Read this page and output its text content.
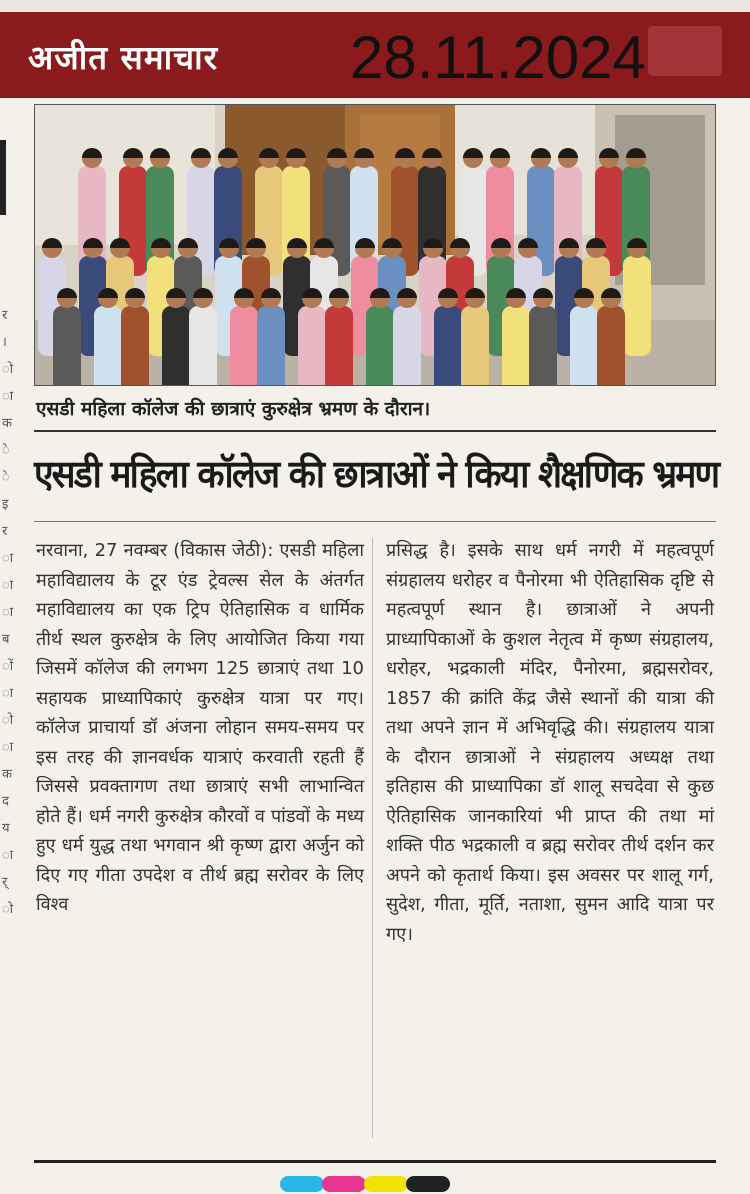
अजीत समाचार 28.11.2024
र
।
ो
ा
क
े
े
इ
र
ा
ा
ा
ब
ों
ा
ो
ा
क
द
य
ा
र्
ो
एसडी महिला कॉलेज की छात्राएं कुरुक्षेत्र भ्रमण के दौरान।
एसडी महिला कॉलेज की छात्राओं ने किया शैक्षणिक भ्रमण

नरवाना, 27 नवम्बर (विकास जेठी): एसडी महिला महाविद्यालय के टूर एंड ट्रेवल्स सेल के अंतर्गत महाविद्यालय का एक ट्रिप ऐतिहासिक व धार्मिक तीर्थ स्थल कुरुक्षेत्र के लिए आयोजित किया गया जिसमें कॉलेज की लगभग 125 छात्राएं तथा 10 सहायक प्राध्यापिकाएं कुरुक्षेत्र यात्रा पर गए। कॉलेज प्राचार्या डॉ अंजना लोहान समय-समय पर इस तरह की ज्ञानवर्धक यात्राएं करवाती रहती हैं जिससे प्रवक्तागण तथा छात्राएं सभी लाभान्वित होते हैं। धर्म नगरी कुरुक्षेत्र कौरवों व पांडवों के मध्य हुए धर्म युद्ध तथा भगवान श्री कृष्ण द्वारा अर्जुन को दिए गए गीता उपदेश व तीर्थ ब्रह्म सरोवर के लिए विश्व

प्रसिद्ध है। इसके साथ धर्म नगरी में महत्वपूर्ण संग्रहालय धरोहर व पैनोरमा भी ऐतिहासिक दृष्टि से महत्वपूर्ण स्थान है। छात्राओं ने अपनी प्राध्यापिकाओं के कुशल नेतृत्व में कृष्ण संग्रहालय, धरोहर, भद्रकाली मंदिर, पैनोरमा, ब्रह्मसरोवर, 1857 की क्रांति केंद्र जैसे स्थानों की यात्रा की तथा अपने ज्ञान में अभिवृद्धि की। संग्रहालय यात्रा के दौरान छात्राओं ने संग्रहालय अध्यक्ष तथा इतिहास की प्राध्यापिका डॉ शालू सचदेवा से कुछ ऐतिहासिक जानकारियां भी प्राप्त की तथा मां शक्ति पीठ भद्रकाली व ब्रह्म सरोवर तीर्थ दर्शन कर अपने को कृतार्थ किया। इस अवसर पर शालू गर्ग, सुदेश, गीता, मूर्ति, नताशा, सुमन आदि यात्रा पर गए।
